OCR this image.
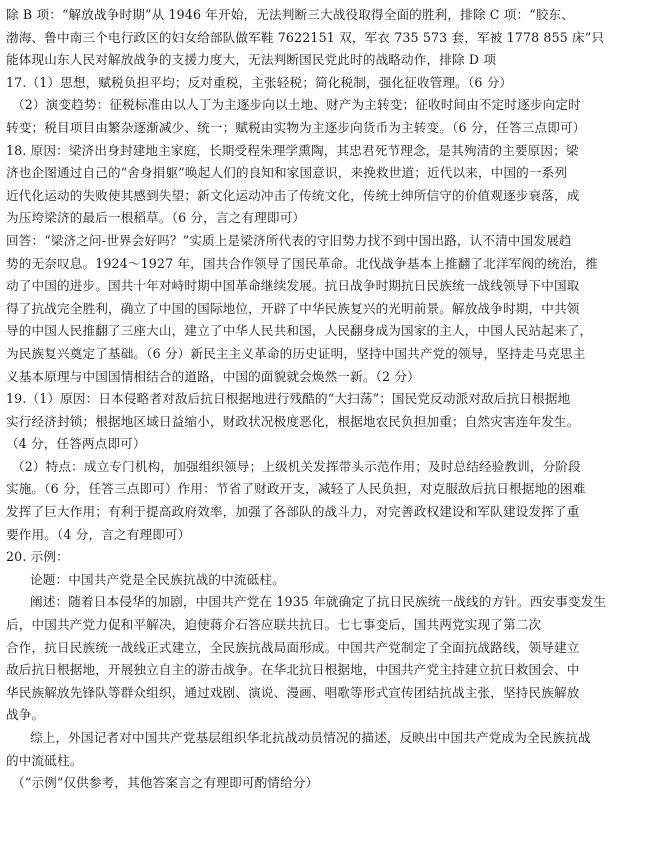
除 B 项：“解放战争时期”从 1946 年开始，无法判断三大战役取得全面的胜利，排除 C 项：“胶东、
渤海、鲁中南三个电行政区的妇女给部队做军鞋 7622151 双，军衣 735 573 套，军被 1778 855 床”只
能体现山东人民对解放战争的支援力度大，无法判断国民党此时的战略动作，排除 D 项
17.（1）思想，赋税负担平均；反对重税，主张轻税；简化税制，强化征收管理。（6 分）
（2）演变趋势：征税标准由以人丁为主逐步向以土地、财产为主转变；征收时间由不定时逐步向定时
转变；税目项目由繁杂逐渐减少、统一；赋税由实物为主逐步向货币为主转变。（6 分，任答三点即可）
18. 原因：梁济出身封建地主家庭，长期受程朱理学熏陶，其忠君死节理念，是其殉清的主要原因；梁
济也企图通过自己的“舍身捐躯”唤起人们的良知和家国意识，来挽救世道；近代以来，中国的一系列
近代化运动的失败使其感到失望；新文化运动冲击了传统文化，传统士绅所信守的价值观逐步衰落，成
为压垮梁济的最后一根稻草。（6 分，言之有理即可）
回答：“梁济之问-世界会好吗？”实质上是梁济所代表的守旧势力找不到中国出路，认不清中国发展趋
势的无奈叹息。1924～1927 年，国共合作领导了国民革命。北伐战争基本上推翻了北洋军阀的统治，推
动了中国的进步。国共十年对峙时期中国革命继续发展。抗日战争时期抗日民族统一战线领导下中国取
得了抗战完全胜利，确立了中国的国际地位，开辟了中华民族复兴的光明前景。解放战争时期，中共领
导的中国人民推翻了三座大山，建立了中华人民共和国，人民翻身成为国家的主人，中国人民站起来了，
为民族复兴奠定了基础。（6 分）新民主主义革命的历史证明，坚持中国共产党的领导，坚持走马克思主
义基本原理与中国国情相结合的道路，中国的面貌就会焕然一新。（2 分）
19.（1）原因：日本侵略者对敌后抗日根据地进行残酷的“大扫荡”；国民党反动派对敌后抗日根据地
实行经济封锁；根据地区域日益缩小，财政状况极度恶化，根据地农民负担加重；自然灾害连年发生。
（4 分，任答两点即可）
（2）特点：成立专门机构，加强组织领导；上级机关发挥带头示范作用；及时总结经验教训，分阶段
实施。（6 分，任答三点即可）作用：节省了财政开支，减轻了人民负担，对克服敌后抗日根据地的困难
发挥了巨大作用；有利于提高政府效率，加强了各部队的战斗力，对完善政权建设和军队建设发挥了重
要作用。（4 分，言之有理即可）
20. 示例：
论题：中国共产党是全民族抗战的中流砥柱。
阐述：随着日本侵华的加剧，中国共产党在 1935 年就确定了抗日民族统一战线的方针。西安事变发生
后，中国共产党力促和平解决，迫使蒋介石答应联共抗日。七七事变后，国共两党实现了第二次
合作，抗日民族统一战线正式建立，全民族抗战局面形成。中国共产党制定了全面抗战路线，领导建立
敌后抗日根据地，开展独立自主的游击战争。在华北抗日根据地，中国共产党主持建立抗日救国会、中
华民族解放先锋队等群众组织，通过戏剧、演说、漫画、唱歌等形式宣传团结抗战主张，坚持民族解放
战争。
综上，外国记者对中国共产党基层组织华北抗战动员情况的描述，反映出中国共产党成为全民族抗战
的中流砥柱。
（“示例”仅供参考，其他答案言之有理即可酌情给分）
